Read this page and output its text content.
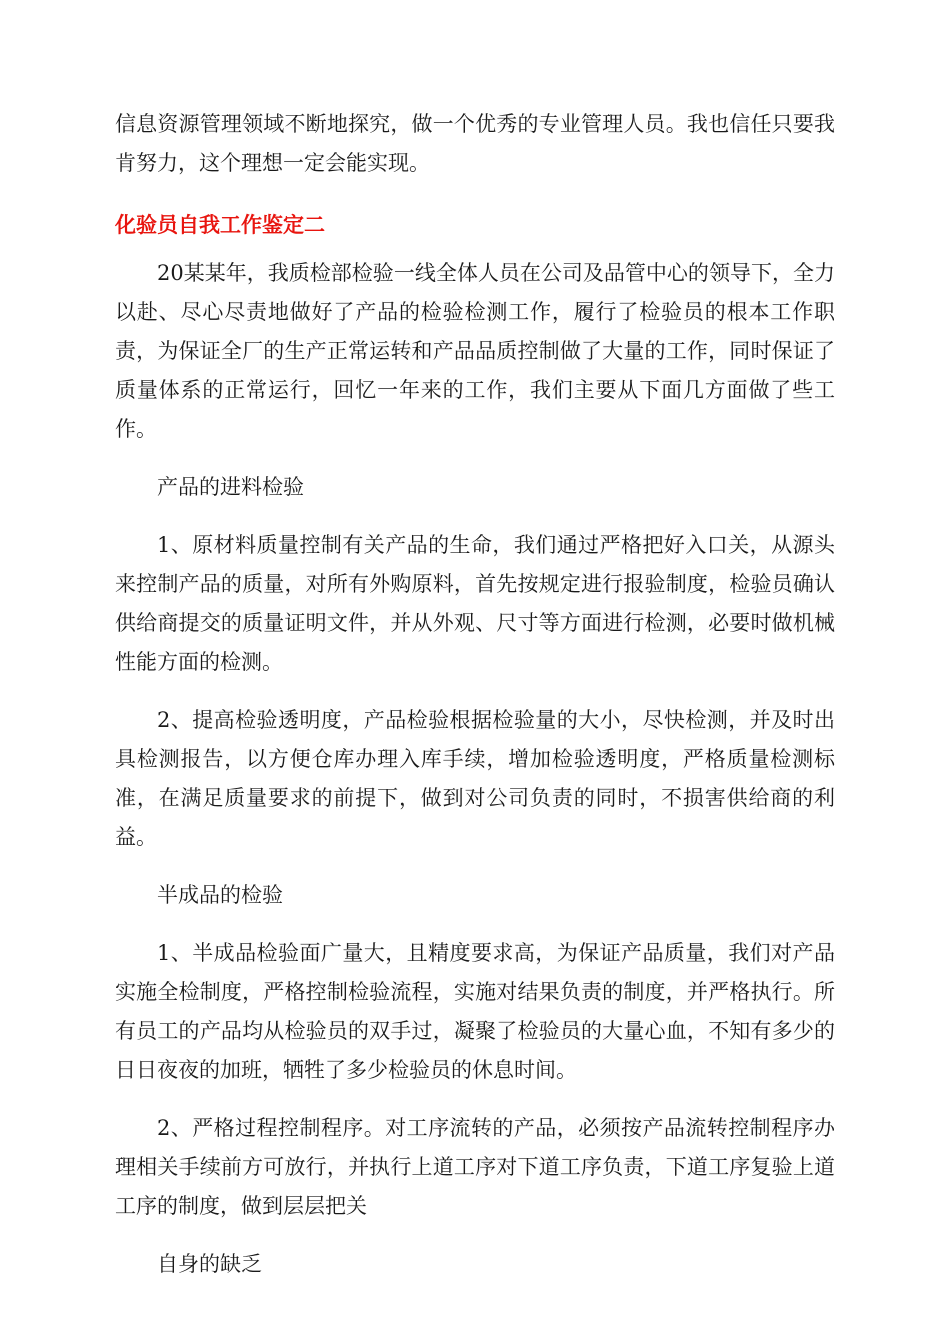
信息资源管理领域不断地探究，做一个优秀的专业管理人员。我也信任只要我肯努力，这个理想一定会能实现。

化验员自我工作鉴定二

20某某年，我质检部检验一线全体人员在公司及品管中心的领导下，全力以赴、尽心尽责地做好了产品的检验检测工作，履行了检验员的根本工作职责，为保证全厂的生产正常运转和产品品质控制做了大量的工作，同时保证了质量体系的正常运行，回忆一年来的工作，我们主要从下面几方面做了些工作。

产品的进料检验

1、原材料质量控制有关产品的生命，我们通过严格把好入口关，从源头来控制产品的质量，对所有外购原料，首先按规定进行报验制度，检验员确认供给商提交的质量证明文件，并从外观、尺寸等方面进行检测，必要时做机械性能方面的检测。

2、提高检验透明度，产品检验根据检验量的大小，尽快检测，并及时出具检测报告，以方便仓库办理入库手续，增加检验透明度，严格质量检测标准，在满足质量要求的前提下，做到对公司负责的同时，不损害供给商的利益。

半成品的检验

1、半成品检验面广量大，且精度要求高，为保证产品质量，我们对产品实施全检制度，严格控制检验流程，实施对结果负责的制度，并严格执行。所有员工的产品均从检验员的双手过，凝聚了检验员的大量心血，不知有多少的日日夜夜的加班，牺牲了多少检验员的休息时间。

2、严格过程控制程序。对工序流转的产品，必须按产品流转控制程序办理相关手续前方可放行，并执行上道工序对下道工序负责，下道工序复验上道工序的制度，做到层层把关

自身的缺乏
